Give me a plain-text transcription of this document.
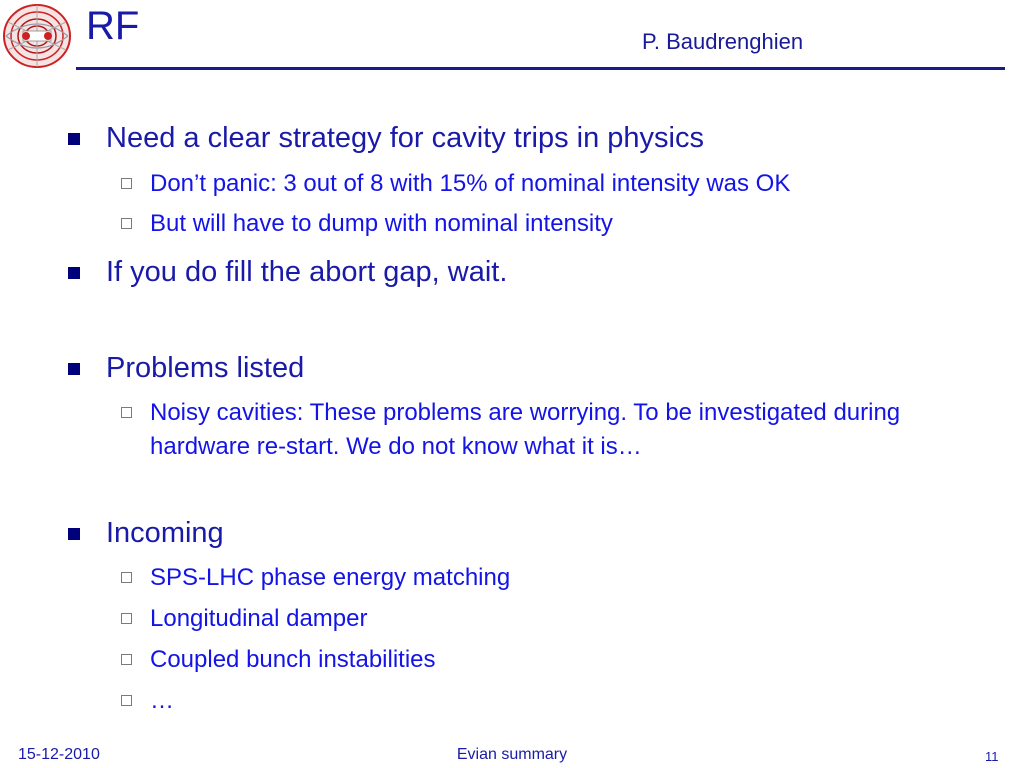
RF	P. Baudrenghien
Need a clear strategy for cavity trips in physics
Don’t panic: 3 out of 8 with 15% of nominal intensity was OK
But will have to dump with nominal intensity
If you do fill the abort gap, wait.
Problems listed
Noisy cavities: These problems are worrying. To be investigated during hardware re-start. We do not know what it is…
Incoming
SPS-LHC phase energy matching
Longitudinal damper
Coupled bunch instabilities
…
15-12-2010	Evian summary	11
